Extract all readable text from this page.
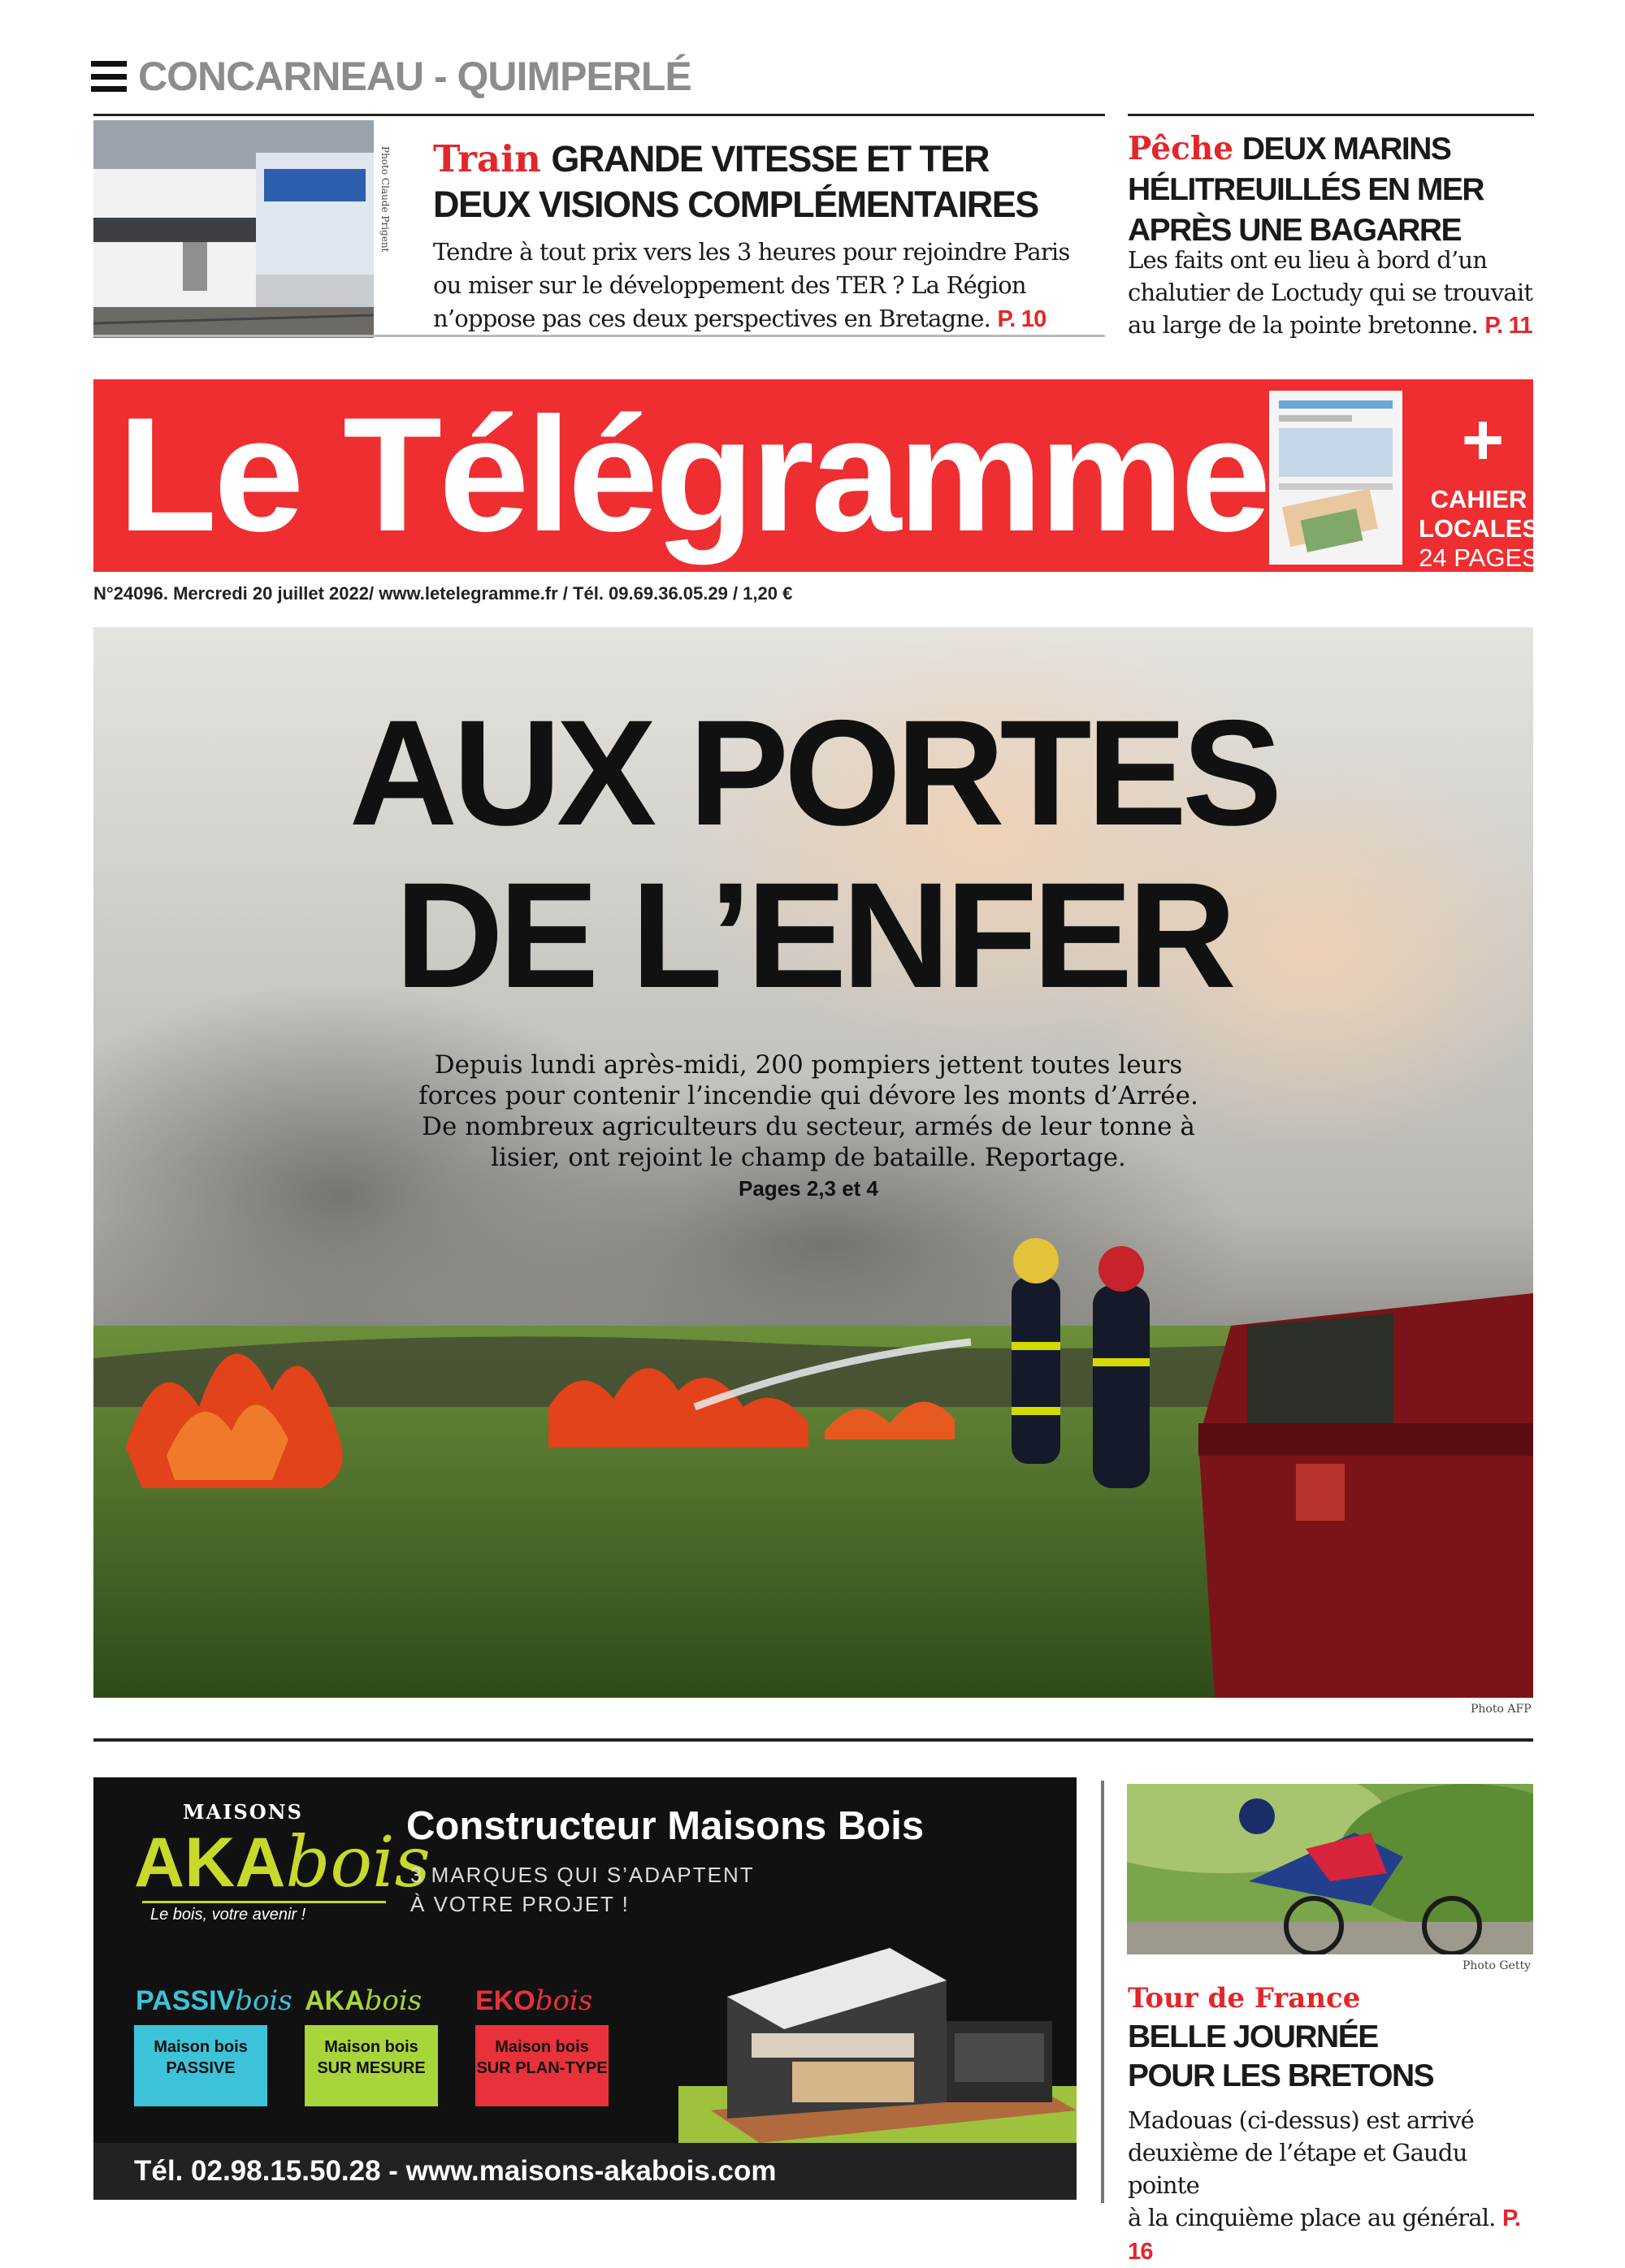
CONCARNEAU - QUIMPERLÉ
Photo Claude Prigent Train GRANDE VITESSE ET TER
DEUX VISIONS COMPLÉMENTAIRES
Tendre à tout prix vers les 3 heures pour rejoindre Paris
ou miser sur le développement des TER ? La Région
n’oppose pas ces deux perspectives en Bretagne. P. 10
Pêche DEUX MARINS
HÉLITREUILLÉS EN MER
APRÈS UNE BAGARRE
Les faits ont eu lieu à bord d’un
chalutier de Loctudy qui se trouvait
au large de la pointe bretonne. P. 11
Le Télégramme	+
CAHIER
LOCALES
24 PAGES
N°24096. Mercredi 20 juillet 2022/ www.letelegramme.fr / Tél. 09.69.36.05.29 / 1,20 €
AUX PORTES
DE L’ENFER
Depuis lundi après-midi, 200 pompiers jettent toutes leurs
forces pour contenir l’incendie qui dévore les monts d’Arrée.
De nombreux agriculteurs du secteur, armés de leur tonne à
lisier, ont rejoint le champ de bataille. Reportage.
Pages 2,3 et 4
Photo AFP
MAISONS
AKAbois
Le bois, votre avenir !
Constructeur Maisons Bois
3 MARQUES QUI S’ADAPTENT
À VOTRE PROJET !
PASSIVbois
Maison bois
PASSIVE
AKAbois
Maison bois
SUR MESURE
EKObois
Maison bois
SUR PLAN-TYPE
Tél. 02.98.15.50.28 - www.maisons-akabois.com
Photo Getty
Tour de France
BELLE JOURNÉE
POUR LES BRETONS
Madouas (ci-dessus) est arrivé
deuxième de l’étape et Gaudu pointe
à la cinquième place au général. P. 16
